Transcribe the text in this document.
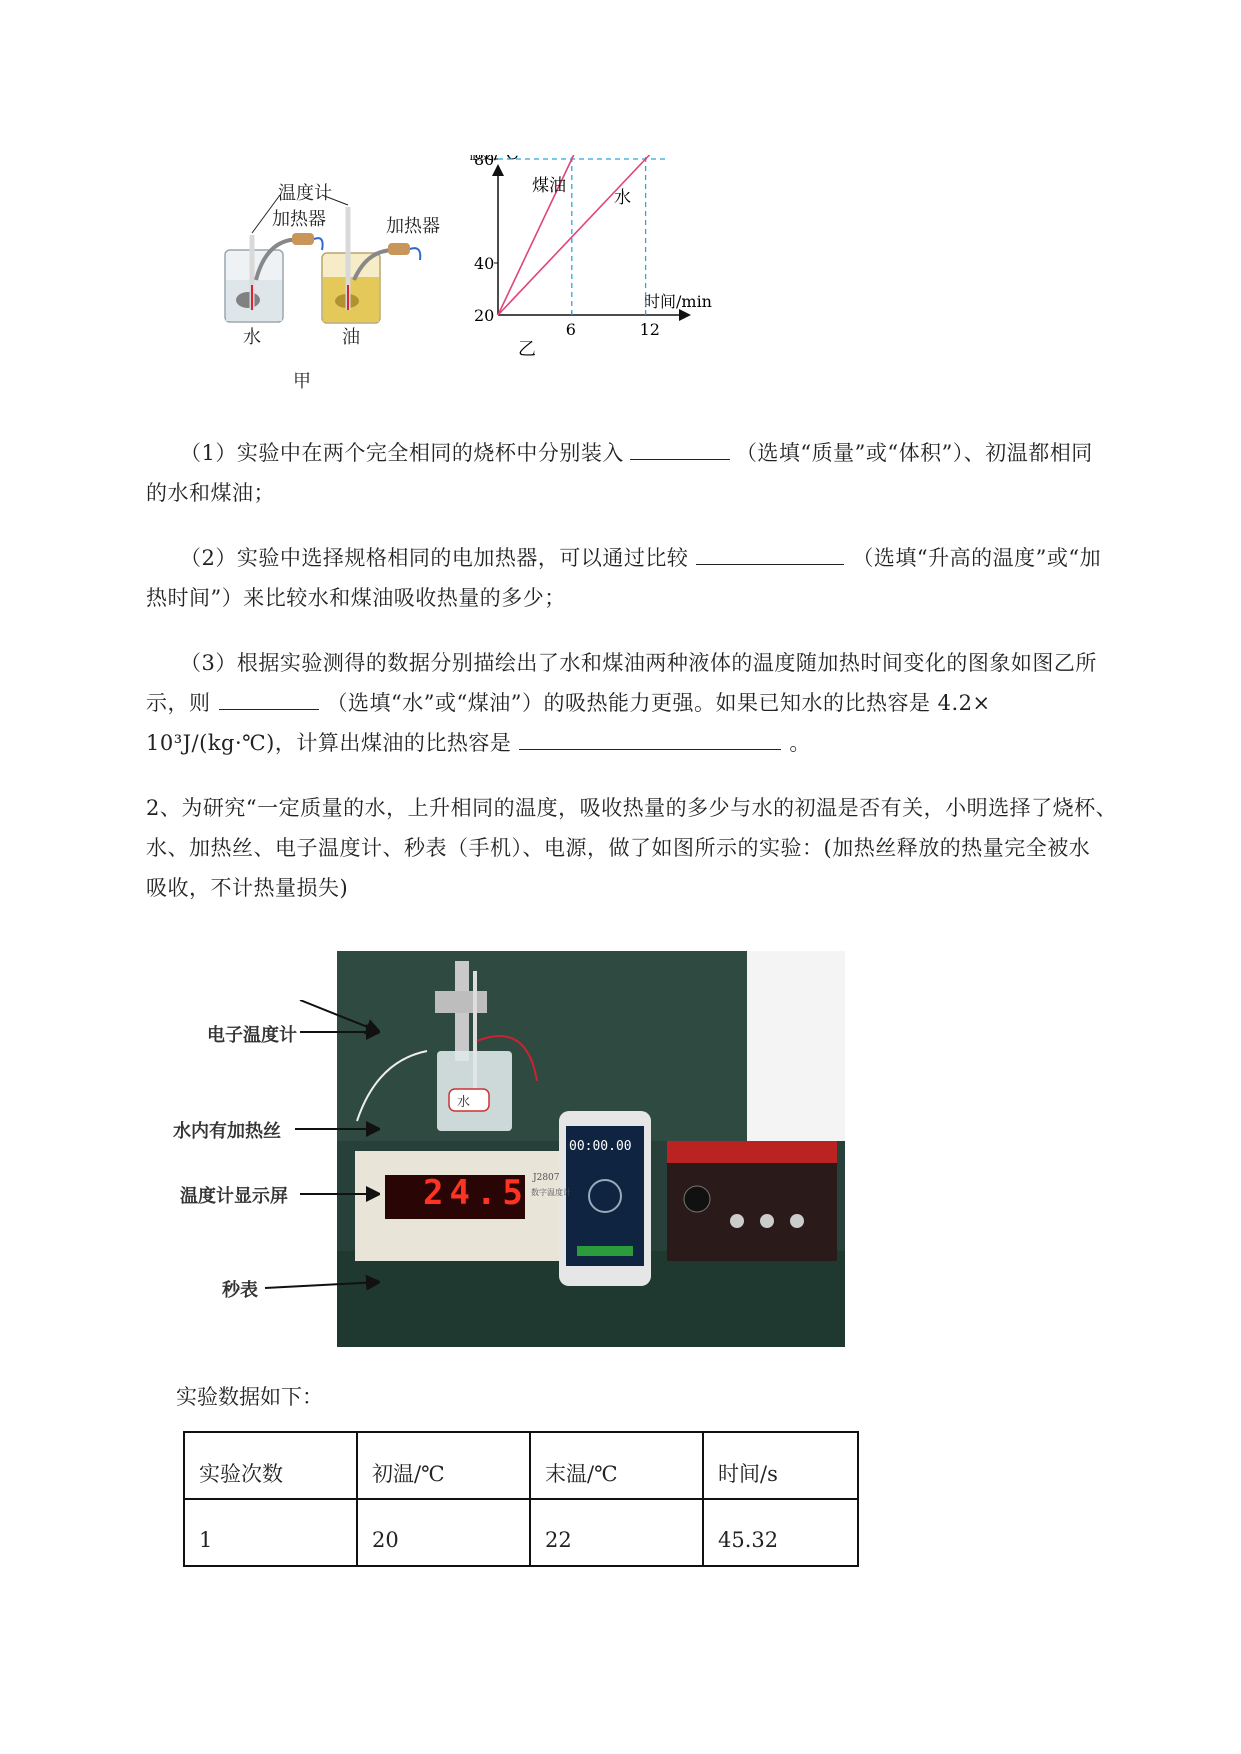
温度计
加热器	加热器
水	油
甲
时间/min
20
40
80
6	12
煤油
水
乙
（1）实验中在两个完全相同的烧杯中分别装入	（选填“质量”或“体积”）、初温都相同
的水和煤油；
（2）实验中选择规格相同的电加热器，可以通过比较	（选填“升高的温度”或“加
热时间”）来比较水和煤油吸收热量的多少；
（3）根据实验测得的数据分别描绘出了水和煤油两种液体的温度随加热时间变化的图象如图乙所
示，则	（选填“水”或“煤油”）的吸热能力更强。如果已知水的比热容是 4.2×
10³J/(kg·℃)，计算出煤油的比热容是	。
2、为研究“一定质量的水，上升相同的温度，吸收热量的多少与水的初温是否有关，小明选择了烧杯、
水、加热丝、电子温度计、秒表（手机）、电源，做了如图所示的实验：(加热丝释放的热量完全被水
吸收，不计热量损失)
水
24.5 J2807
数字温度计
00:00.00
电子温度计
水内有加热丝
温度计显示屏
秒表
实验数据如下：
实验次数	初温/℃	末温/℃	时间/s
1	20	22	45.32
